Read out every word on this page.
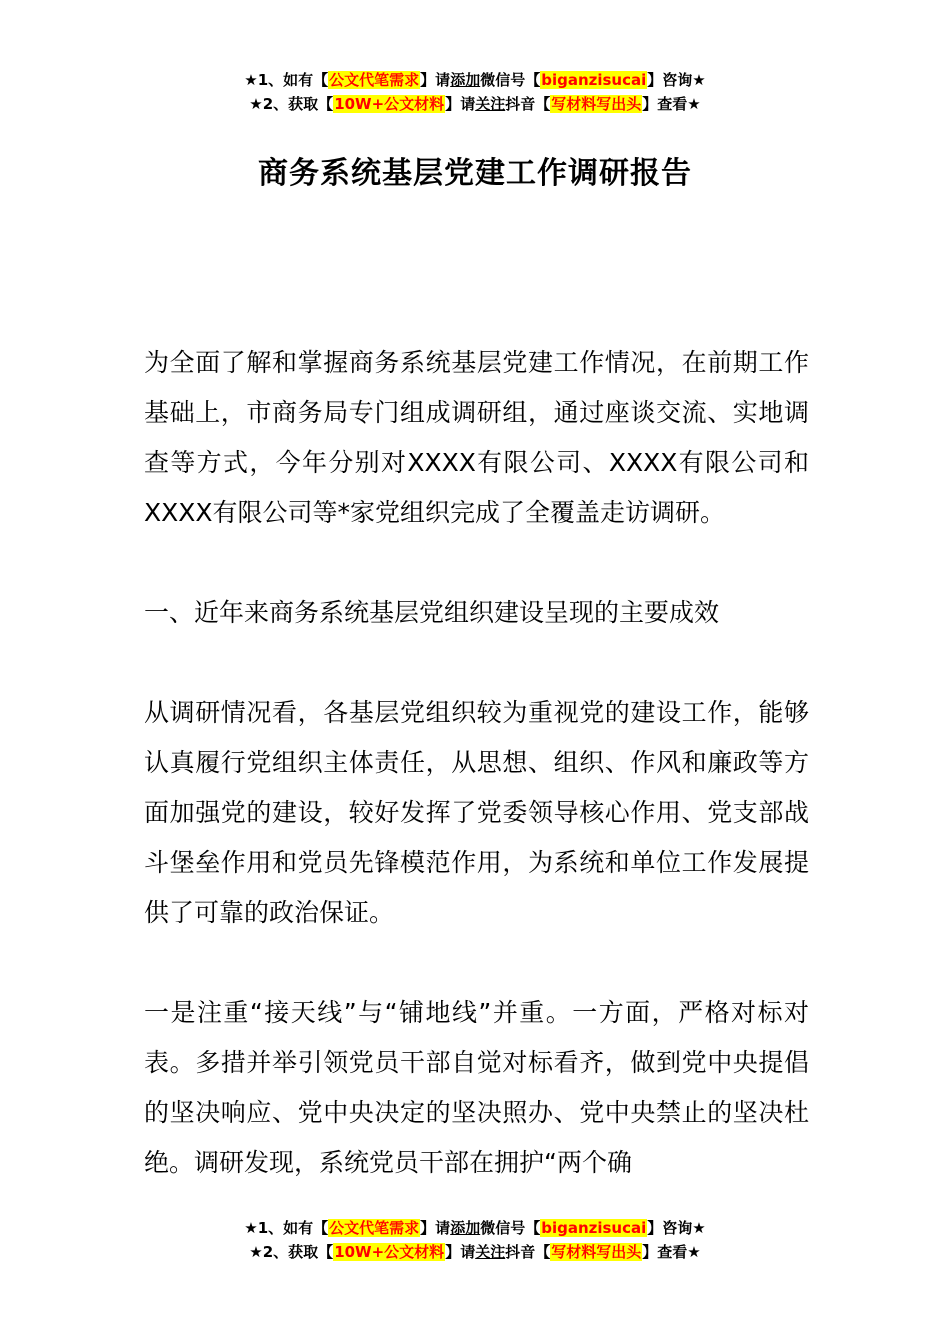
★1、如有【公文代笔需求】请添加微信号【biganzisucai】咨询★
★2、获取【10W+公文材料】请关注抖音【写材料写出头】查看★
商务系统基层党建工作调研报告

为全面了解和掌握商务系统基层党建工作情况，在前期工作基础上，市商务局专门组成调研组，通过座谈交流、实地调查等方式，今年分别对XXXX有限公司、XXXX有限公司和XXXX有限公司等*家党组织完成了全覆盖走访调研。

一、近年来商务系统基层党组织建设呈现的主要成效

从调研情况看，各基层党组织较为重视党的建设工作，能够认真履行党组织主体责任，从思想、组织、作风和廉政等方面加强党的建设，较好发挥了党委领导核心作用、党支部战斗堡垒作用和党员先锋模范作用，为系统和单位工作发展提供了可靠的政治保证。

一是注重“接天线”与“铺地线”并重。一方面，严格对标对表。多措并举引领党员干部自觉对标看齐，做到党中央提倡的坚决响应、党中央决定的坚决照办、党中央禁止的坚决杜绝。调研发现，系统党员干部在拥护“两个确

★1、如有【公文代笔需求】请添加微信号【biganzisucai】咨询★
★2、获取【10W+公文材料】请关注抖音【写材料写出头】查看★
